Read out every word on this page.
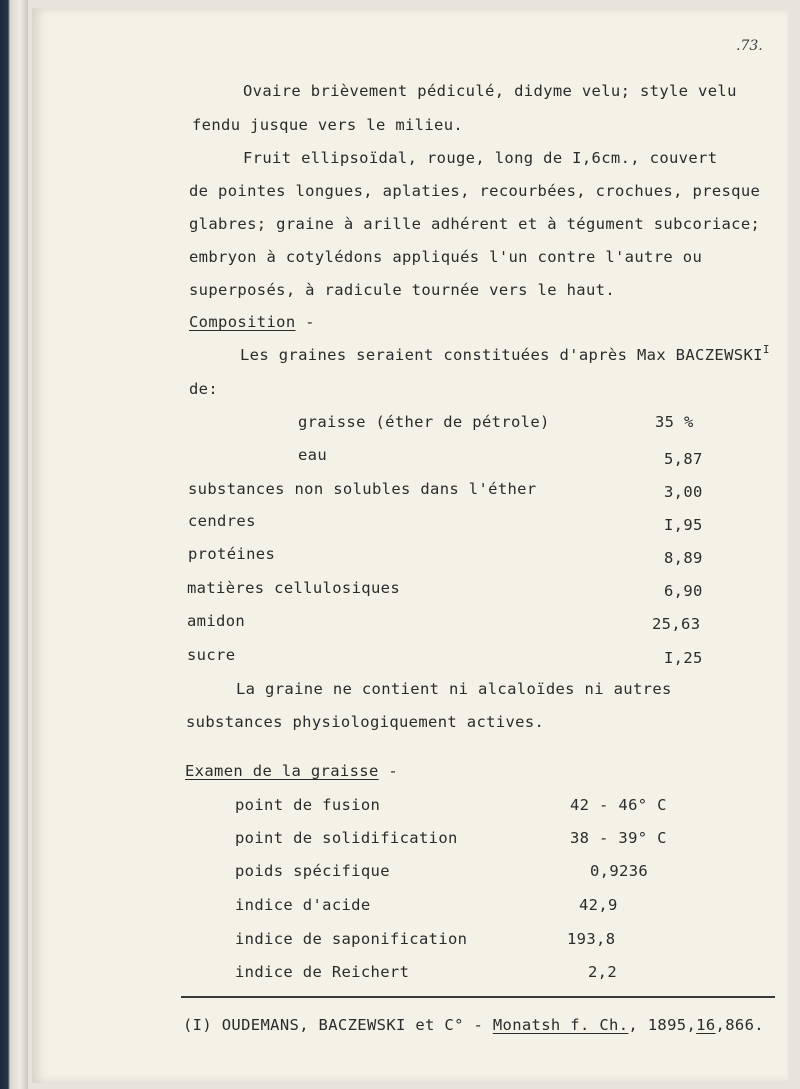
.73.
Ovaire brièvement pédiculé, didyme velu; style velu
fendu jusque vers le milieu.
Fruit ellipsoïdal, rouge, long de I,6cm., couvert
de pointes longues, aplaties, recourbées, crochues, presque
glabres; graine à arille adhérent et à tégument subcoriace;
embryon à cotylédons appliqués l'un contre l'autre ou
superposés, à radicule tournée vers le haut.
Composition -
Les graines seraient constituées d'après Max $BACZEWSKI^I$
de:
graisse (éther de pétrole)	35 %
eau	5,87
substances non solubles dans l'éther	3,00
cendres	I,95
protéines	8,89
matières cellulosiques	6,90
amidon	25,63
sucre	I,25
La graine ne contient ni alcaloïdes ni autres
substances physiologiquement actives.
Examen de la graisse -
point de fusion	42 - 46° C
point de solidification	38 - 39° C
poids spécifique	0,9236
indice d'acide	42,9
indice de saponification	193,8
indice de Reichert	2,2
(I) OUDEMANS, BACZEWSKI et C° - Monatsh f. Ch., 1895,16,866.
